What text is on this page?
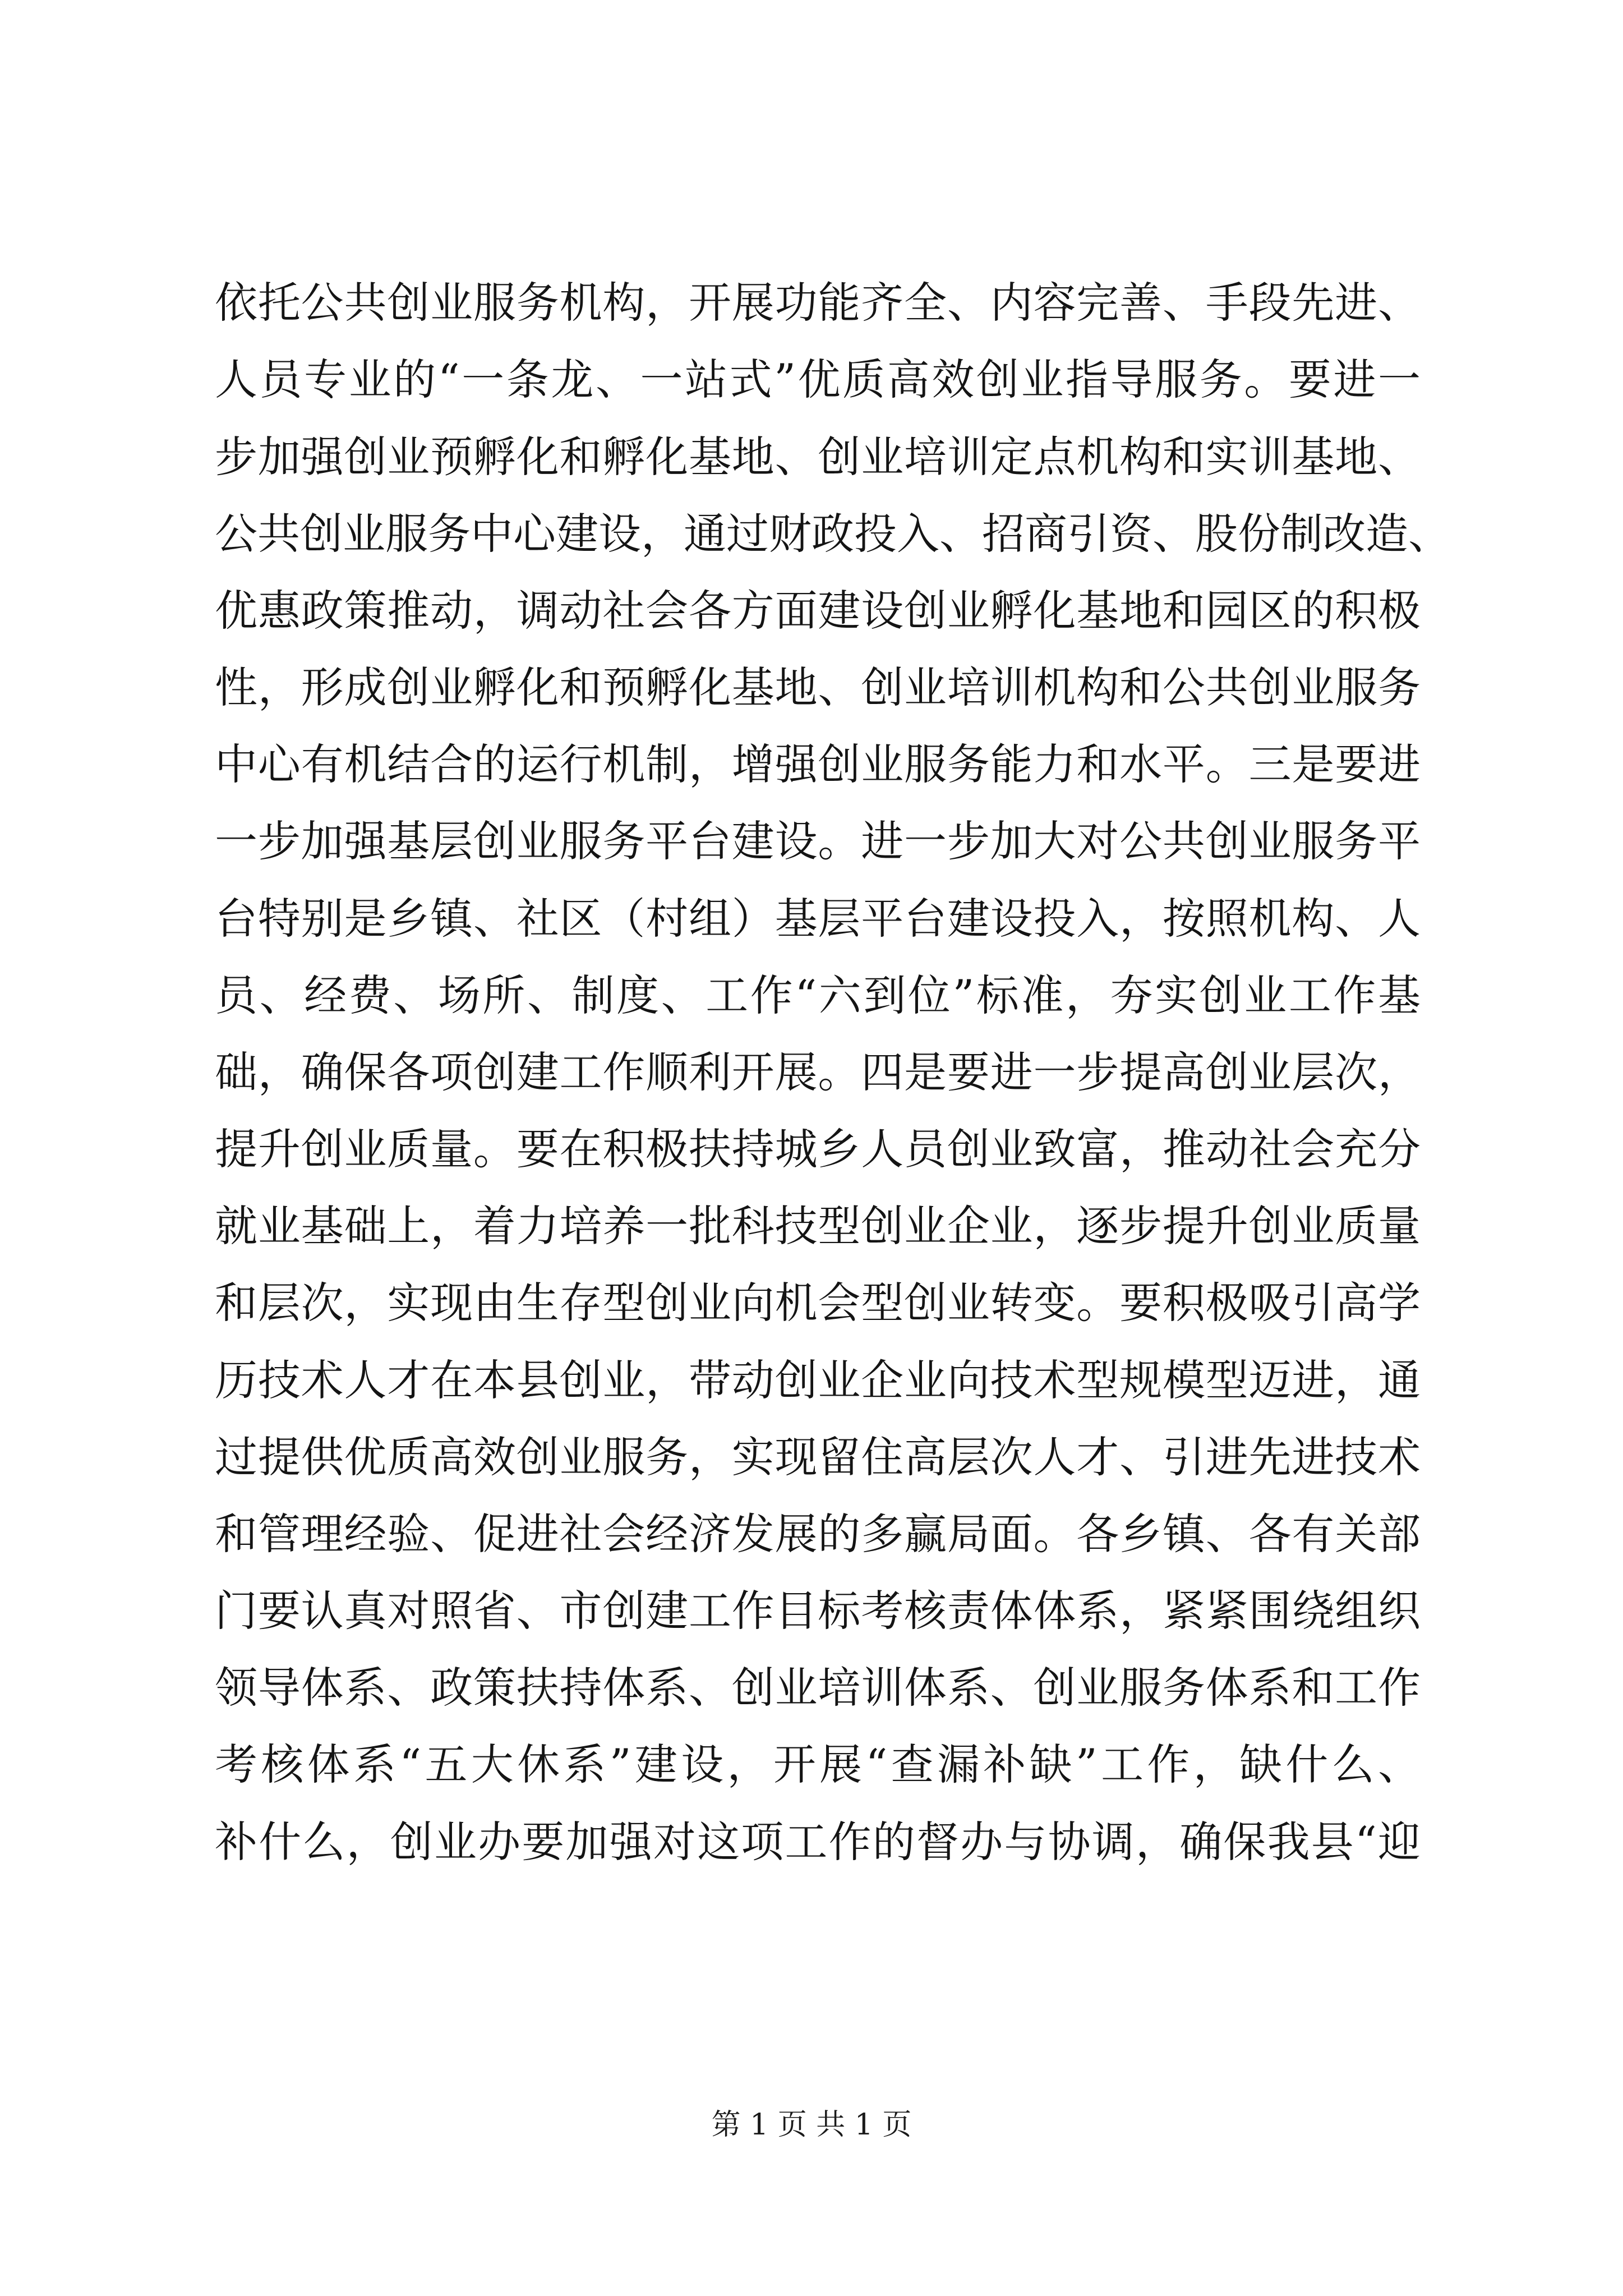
依托公共创业服务机构，开展功能齐全、内容完善、手段先进、
人员专业的“一条龙、一站式”优质高效创业指导服务。要进一
步加强创业预孵化和孵化基地、创业培训定点机构和实训基地、
公共创业服务中心建设，通过财政投入、招商引资、股份制改造、
优惠政策推动，调动社会各方面建设创业孵化基地和园区的积极
性，形成创业孵化和预孵化基地、创业培训机构和公共创业服务
中心有机结合的运行机制，增强创业服务能力和水平。三是要进
一步加强基层创业服务平台建设。进一步加大对公共创业服务平
台特别是乡镇、社区（村组）基层平台建设投入，按照机构、人
员、经费、场所、制度、工作“六到位”标准，夯实创业工作基
础，确保各项创建工作顺利开展。四是要进一步提高创业层次，
提升创业质量。要在积极扶持城乡人员创业致富，推动社会充分
就业基础上，着力培养一批科技型创业企业，逐步提升创业质量
和层次，实现由生存型创业向机会型创业转变。要积极吸引高学
历技术人才在本县创业，带动创业企业向技术型规模型迈进，通
过提供优质高效创业服务，实现留住高层次人才、引进先进技术
和管理经验、促进社会经济发展的多赢局面。各乡镇、各有关部
门要认真对照省、市创建工作目标考核责体体系，紧紧围绕组织
领导体系、政策扶持体系、创业培训体系、创业服务体系和工作
考核体系“五大休系”建设，开展“查漏补缺”工作，缺什么、
补什么，创业办要加强对这项工作的督办与协调，确保我县“迎
第 1 页 共 1 页
